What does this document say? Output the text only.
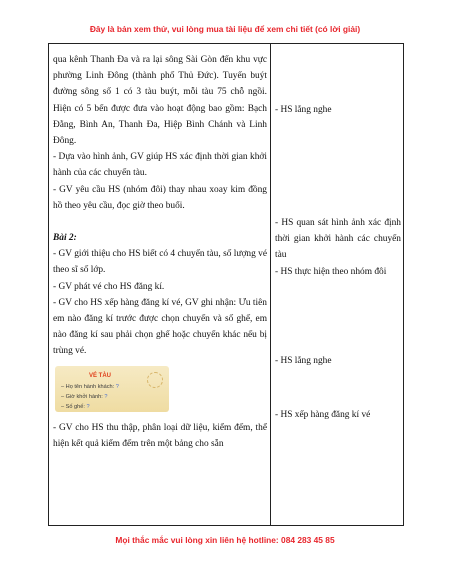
Đây là bản xem thử, vui lòng mua tài liệu để xem chi tiết (có lời giải)

qua kênh Thanh Đa và ra lại sông Sài Gòn đến khu vực phường Linh Đông (thành phố Thủ Đức). Tuyến buýt đường sông số 1 có 3 tàu buýt, mỗi tàu 75 chỗ ngồi. Hiện có 5 bến được đưa vào hoạt động bao gồm: Bạch Đằng, Bình An, Thanh Đa, Hiệp Bình Chánh và Linh Đông.

- Dựa vào hình ảnh, GV giúp HS xác định thời gian khởi hành của các chuyến tàu.

- GV yêu cầu HS (nhóm đôi) thay nhau xoay kim đồng hồ theo yêu cầu, đọc giờ theo buổi.

Bài 2:

- GV giới thiệu cho HS biết có 4 chuyến tàu, số lượng vé theo sĩ số lớp.

- GV phát vé cho HS đăng kí.

- GV cho HS xếp hàng đăng kí vé, GV ghi nhận: Ưu tiên em nào đăng kí trước được chọn chuyến và số ghế, em nào đăng kí sau phải chọn ghế hoặc chuyến khác nếu bị trùng vé.

VÉ TÀU
– Họ tên hành khách: ?
– Giờ khởi hành: ?
– Số ghế: ?

- GV cho HS thu thập, phân loại dữ liệu, kiểm đếm, thể hiện kết quả kiểm đếm trên một bảng cho sẵn

- HS lắng nghe

- HS quan sát hình ảnh xác định thời gian khởi hành các chuyến tàu

- HS thực hiện theo nhóm đôi

- HS lắng nghe

- HS xếp hàng đăng kí vé

Mọi thắc mắc vui lòng xin liên hệ hotline: 084 283 45 85
